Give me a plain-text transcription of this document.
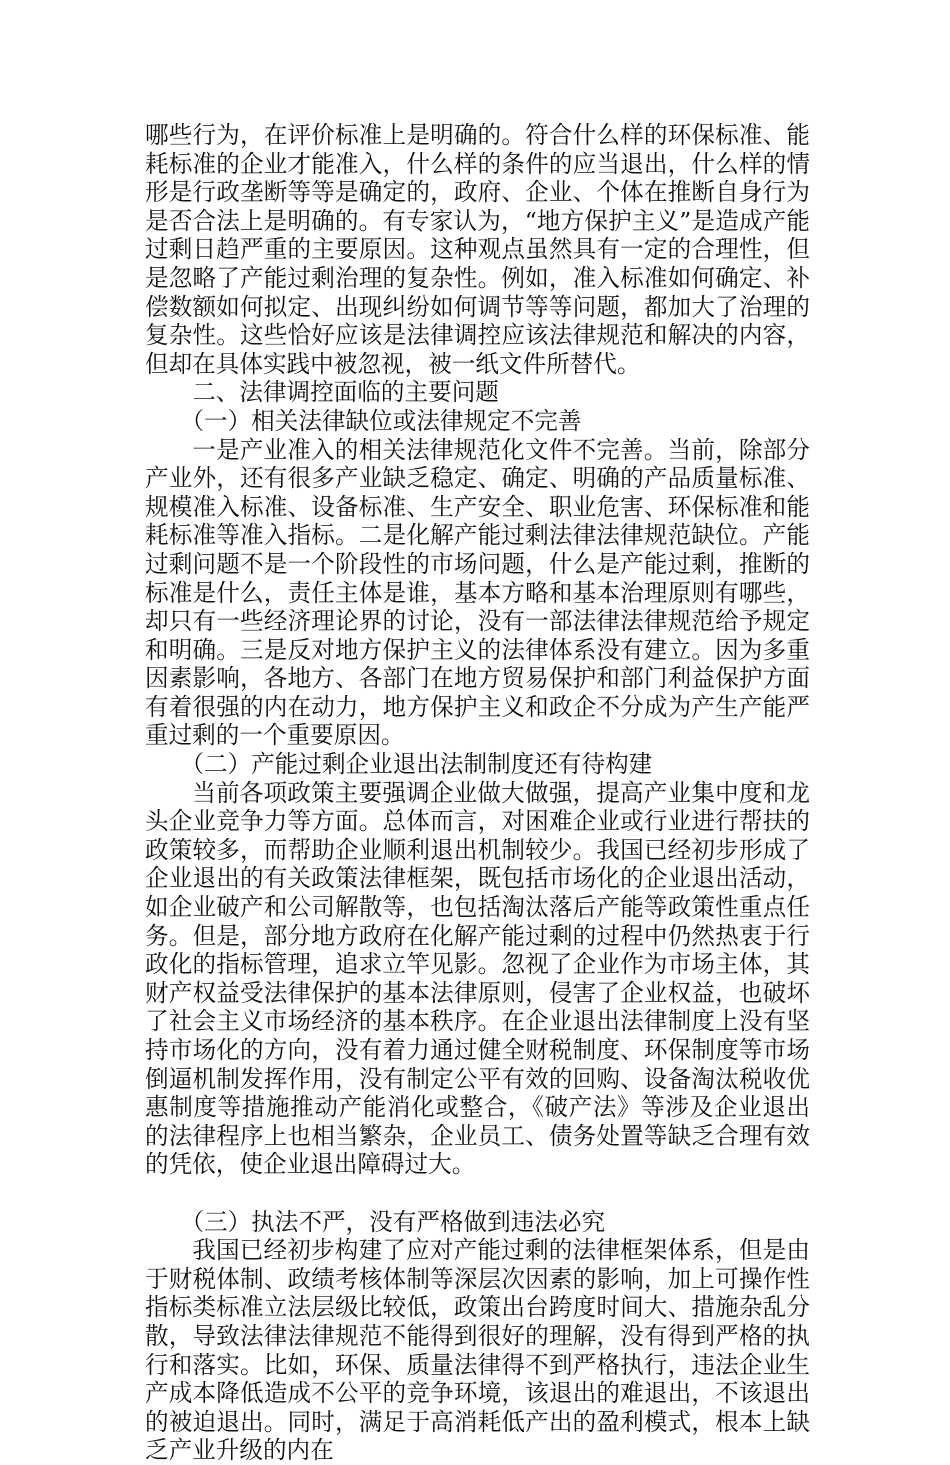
哪些行为，在评价标准上是明确的。符合什么样的环保标准、能耗标准的企业才能准入，什么样的条件的应当退出，什么样的情形是行政垄断等等是确定的，政府、企业、个体在推断自身行为是否合法上是明确的。有专家认为，“地方保护主义”是造成产能过剩日趋严重的主要原因。这种观点虽然具有一定的合理性，但是忽略了产能过剩治理的复杂性。例如，准入标准如何确定、补偿数额如何拟定、出现纠纷如何调节等等问题，都加大了治理的复杂性。这些恰好应该是法律调控应该法律规范和解决的内容，但却在具体实践中被忽视，被一纸文件所替代。

二、法律调控面临的主要问题

（一）相关法律缺位或法律规定不完善

一是产业准入的相关法律规范化文件不完善。当前，除部分产业外，还有很多产业缺乏稳定、确定、明确的产品质量标准、规模准入标准、设备标准、生产安全、职业危害、环保标准和能耗标准等准入指标。二是化解产能过剩法律法律规范缺位。产能过剩问题不是一个阶段性的市场问题，什么是产能过剩，推断的标准是什么，责任主体是谁，基本方略和基本治理原则有哪些，却只有一些经济理论界的讨论，没有一部法律法律规范给予规定和明确。三是反对地方保护主义的法律体系没有建立。因为多重因素影响，各地方、各部门在地方贸易保护和部门利益保护方面有着很强的内在动力，地方保护主义和政企不分成为产生产能严重过剩的一个重要原因。

（二）产能过剩企业退出法制制度还有待构建

当前各项政策主要强调企业做大做强，提高产业集中度和龙头企业竞争力等方面。总体而言，对困难企业或行业进行帮扶的政策较多，而帮助企业顺利退出机制较少。我国已经初步形成了企业退出的有关政策法律框架，既包括市场化的企业退出活动，如企业破产和公司解散等，也包括淘汰落后产能等政策性重点任务。但是，部分地方政府在化解产能过剩的过程中仍然热衷于行政化的指标管理，追求立竿见影。忽视了企业作为市场主体，其财产权益受法律保护的基本法律原则，侵害了企业权益，也破坏了社会主义市场经济的基本秩序。在企业退出法律制度上没有坚持市场化的方向，没有着力通过健全财税制度、环保制度等市场倒逼机制发挥作用，没有制定公平有效的回购、设备淘汰税收优惠制度等措施推动产能消化或整合，《破产法》等涉及企业退出的法律程序上也相当繁杂，企业员工、债务处置等缺乏合理有效的凭依，使企业退出障碍过大。

（三）执法不严，没有严格做到违法必究

我国已经初步构建了应对产能过剩的法律框架体系，但是由于财税体制、政绩考核体制等深层次因素的影响，加上可操作性指标类标准立法层级比较低，政策出台跨度时间大、措施杂乱分散，导致法律法律规范不能得到很好的理解，没有得到严格的执行和落实。比如，环保、质量法律得不到严格执行，违法企业生产成本降低造成不公平的竞争环境，该退出的难退出，不该退出的被迫退出。同时，满足于高消耗低产出的盈利模式，根本上缺乏产业升级的内在
